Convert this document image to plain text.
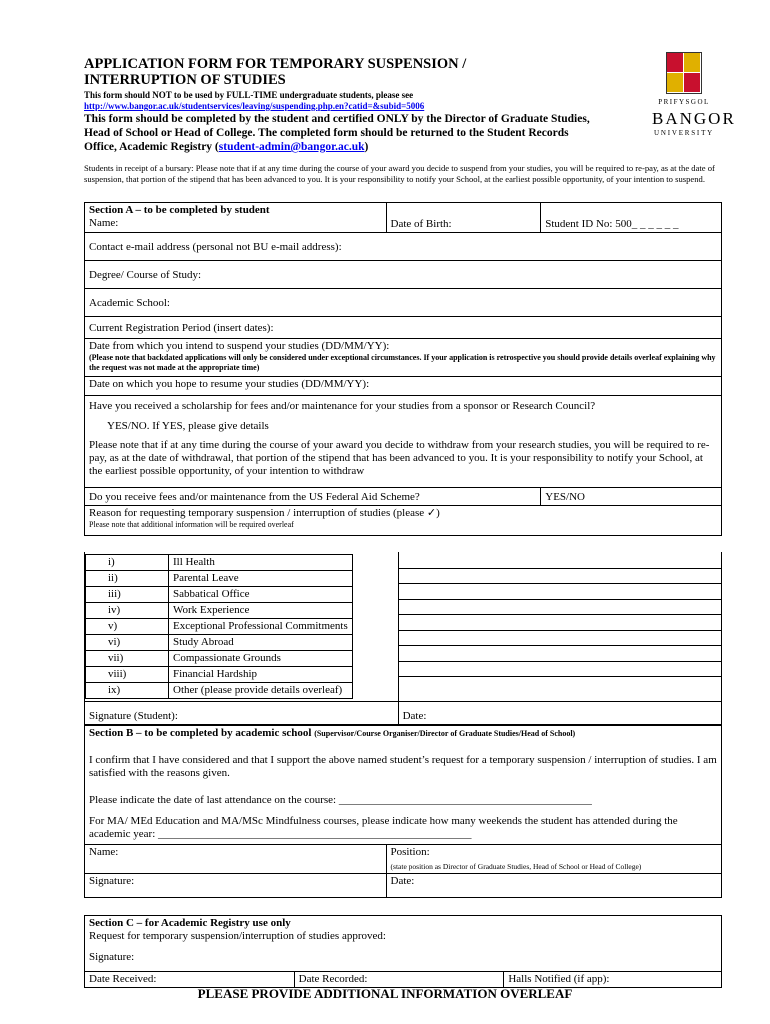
APPLICATION FORM FOR TEMPORARY SUSPENSION /
INTERRUPTION OF STUDIES
This form should NOT to be used by FULL-TIME undergraduate students, please see
http://www.bangor.ac.uk/studentservices/leaving/suspending.php.en?catid=&subid=5006
This form should be completed by the student and certified ONLY by the Director of Graduate Studies, Head of School or Head of College. The completed form should be returned to the Student Records Office, Academic Registry (student-admin@bangor.ac.uk)
Students in receipt of a bursary: Please note that if at any time during the course of your award you decide to suspend from your studies, you will be required to re-pay, as at the date of suspension, that portion of the stipend that has been advanced to you. It is your responsibility to notify your School, at the earliest possible opportunity, of your intention to suspend.
PRIFYSGOL
BANGOR
UNIVERSITY
Section A – to be completed by student
Name:	Date of Birth:	Student ID No: 500_ _ _ _ _ _
Contact e-mail address (personal not BU e-mail address):		
Degree/ Course of Study:		
Academic School:		
Current Registration Period (insert dates):		

Date from which you intend to suspend your studies (DD/MM/YY):
(Please note that backdated applications will only be considered under exceptional circumstances. If your application is retrospective you should provide details overleaf explaining why the request was not made at the appropriate time)		

Date on which you hope to resume your studies (DD/MM/YY):		

Have you received a scholarship for fees and/or maintenance for your studies from a sponsor or Research Council?
YES/NO. If YES, please give details
Please note that if at any time during the course of your award you decide to withdraw from your research studies, you will be required to re-pay, as at the date of withdrawal, that portion of the stipend that has been advanced to you. It is your responsibility to notify your School, at the earliest possible opportunity, of your intention to withdraw		

Do you receive fees and/or maintenance from the US Federal Aid Scheme?		YES/NO

Reason for requesting temporary suspension / interruption of studies (please ✓)
Please note that additional information will be required overleaf		
i)	Ill Health
ii)	Parental Leave
iii)	Sabbatical Office
iv)	Work Experience
v)	Exceptional Professional Commitments
vi)	Study Abroad
vii)	Compassionate Grounds
viii)	Financial Hardship
ix)	Other (please provide details overleaf)

Signature (Student):	Date:
Section B – to be completed by academic school (Supervisor/Course Organiser/Director of Graduate Studies/Head of School)
I confirm that I have considered and that I support the above named student’s request for a temporary suspension / interruption of studies. I am satisfied with the reasons given.
Please indicate the date of last attendance on the course: ______________________________________________
For MA/ MEd Education and MA/MSc Mindfulness courses, please indicate how many weekends the student has attended during the academic year: _________________________________________________________	

Name:	Position:
(state position as Director of Graduate Studies, Head of School or Head of College)

Signature:	Date:
Section C – for Academic Registry use only
Request for temporary suspension/interruption of studies approved:
Signature:

Date Received:	Date Recorded:	Halls Notified (if app):
PLEASE PROVIDE ADDITIONAL INFORMATION OVERLEAF
